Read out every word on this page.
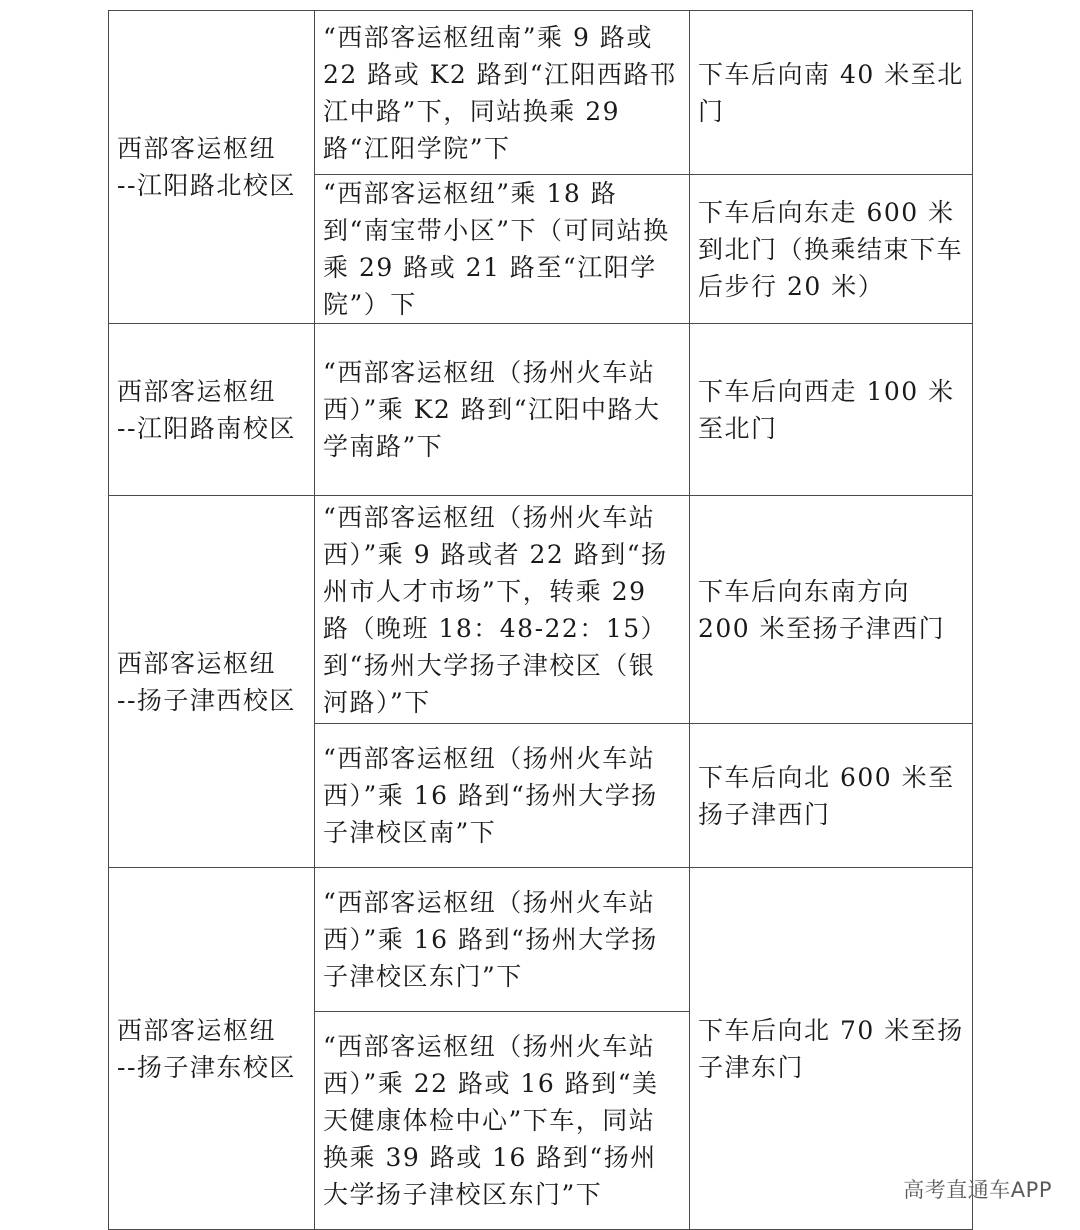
西部客运枢纽
--江阳路北校区	“西部客运枢纽南”乘 9 路或 22 路或 K2 路到“江阳西路邗江中路”下，同站换乘 29 路“江阳学院”下	下车后向南 40 米至北门
	“西部客运枢纽”乘 18 路到“南宝带小区”下（可同站换乘 29 路或 21 路至“江阳学院”）下	下车后向东走 600 米到北门（换乘结束下车后步行 20 米）

西部客运枢纽
--江阳路南校区	“西部客运枢纽（扬州火车站西）”乘 K2 路到“江阳中路大学南路”下	下车后向西走 100 米至北门

西部客运枢纽
--扬子津西校区	“西部客运枢纽（扬州火车站西）”乘 9 路或者 22 路到“扬州市人才市场”下，转乘 29 路（晚班 18：48-22：15）到“扬州大学扬子津校区（银河路）”下	下车后向东南方向 200 米至扬子津西门
	“西部客运枢纽（扬州火车站西）”乘 16 路到“扬州大学扬子津校区南”下	下车后向北 600 米至扬子津西门

西部客运枢纽
--扬子津东校区	“西部客运枢纽（扬州火车站西）”乘 16 路到“扬州大学扬子津校区东门”下	下车后向北 70 米至扬子津东门
	“西部客运枢纽（扬州火车站西）”乘 22 路或 16 路到“美天健康体检中心”下车，同站换乘 39 路或 16 路到“扬州大学扬子津校区东门”下		高考直通车APP
